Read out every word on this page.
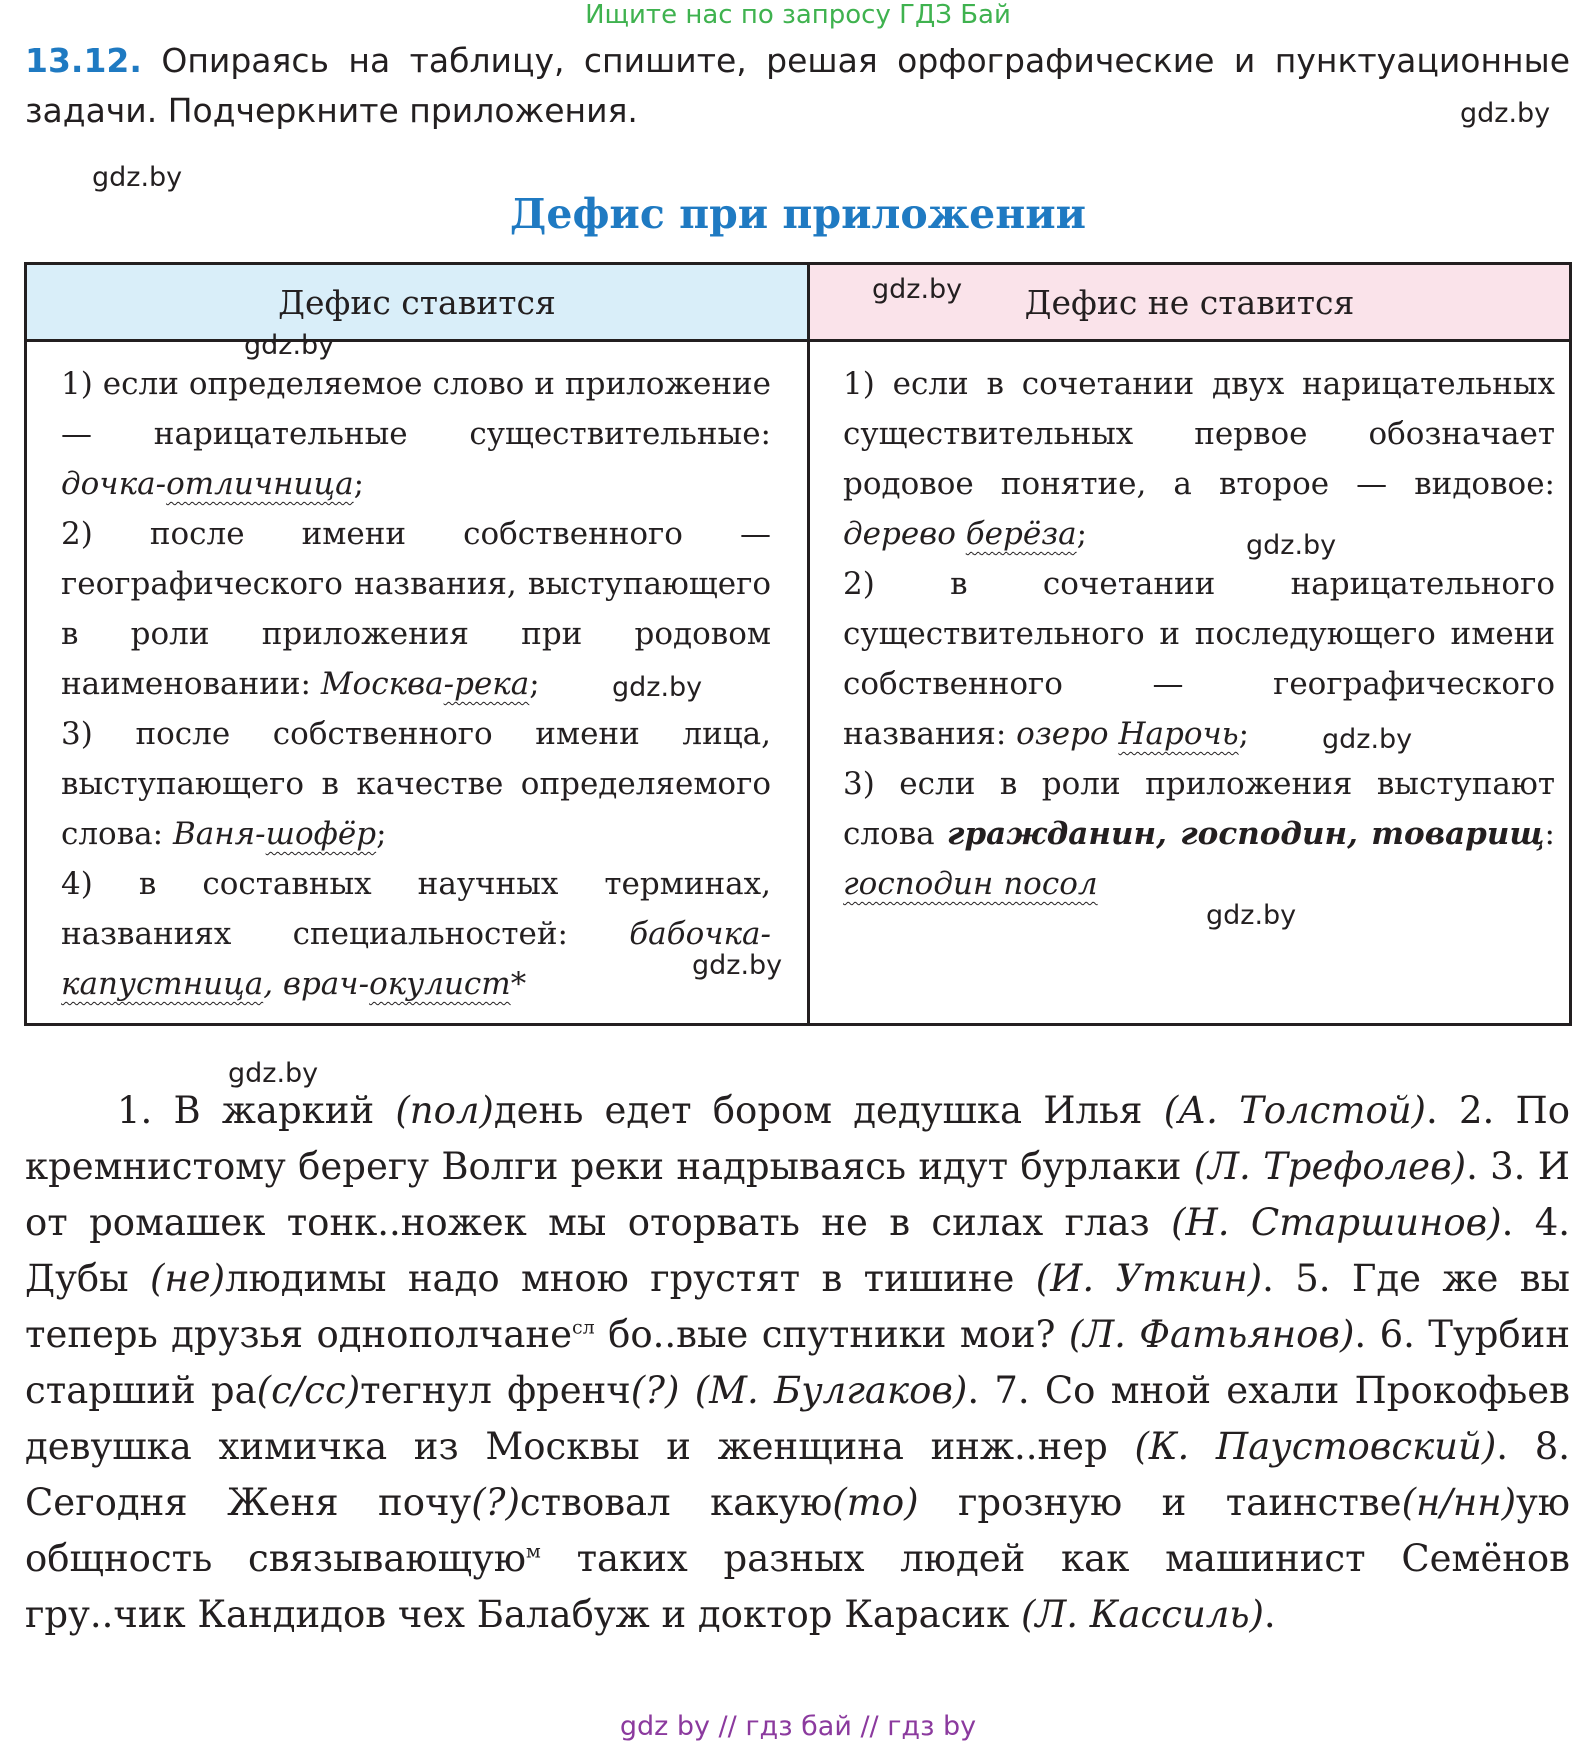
Ищите нас по запросу ГДЗ Бай
13.12. Опираясь на таблицу, спишите, решая орфографические и пунктуационные задачи. Подчеркните приложения.
Дефис при приложении
Дефис ставится	Дефис не ставится

1) если определяемое слово и приложение — нарицательные существительные: дочка-отличница;

2) после имени собственного — географического названия, выступающего в роли приложения при родовом наименовании: Москва-река;

3) после собственного имени лица, выступающего в качестве определяемого слова: Ваня-шофёр;

4) в составных научных терминах, названиях специальностей: бабочка-капустница, врач-окулист*

1) если в сочетании двух нарицательных существительных первое обозначает родовое понятие, а второе — видовое: дерево берёза;

2) в сочетании нарицательного существительного и последующего имени собственного — географического названия: озеро Нарочь;

3) если в роли приложения выступают слова гражданин, господин, товарищ: господин посол

1. В жаркий (пол)день едет бором дедушка Илья (А. Толстой). 2. По кремнистому берегу Волги реки надрываясь идут бурлаки (Л. Трефолев). 3. И от ромашек тонк..ножек мы оторвать не в силах глаз (Н. Старшинов). 4. Дубы (не)людимы надо мною грустят в тишине (И. Уткин). 5. Где же вы теперь друзья однополчане$^{сл}$ бо..вые спутники мои? (Л. Фатьянов). 6. Турбин старший ра(с/сс)тегнул френч(?) (М. Булгаков). 7. Со мной ехали Прокофьев девушка химичка из Москвы и женщина инж..нер (К. Паустовский). 8. Сегодня Женя почу(?)ствовал какую(то) грозную и таинстве(н/нн)ую общность связывающую$^м$ таких разных людей как машинист Семёнов гру..чик Кандидов чех Балабуж и доктор Карасик (Л. Кассиль).

gdz.by
gdz.by
gdz.by
gdz.by
gdz.by
gdz.by
gdz.by
gdz.by
gdz.by
gdz.by
gdz by // гдз бай // гдз by
